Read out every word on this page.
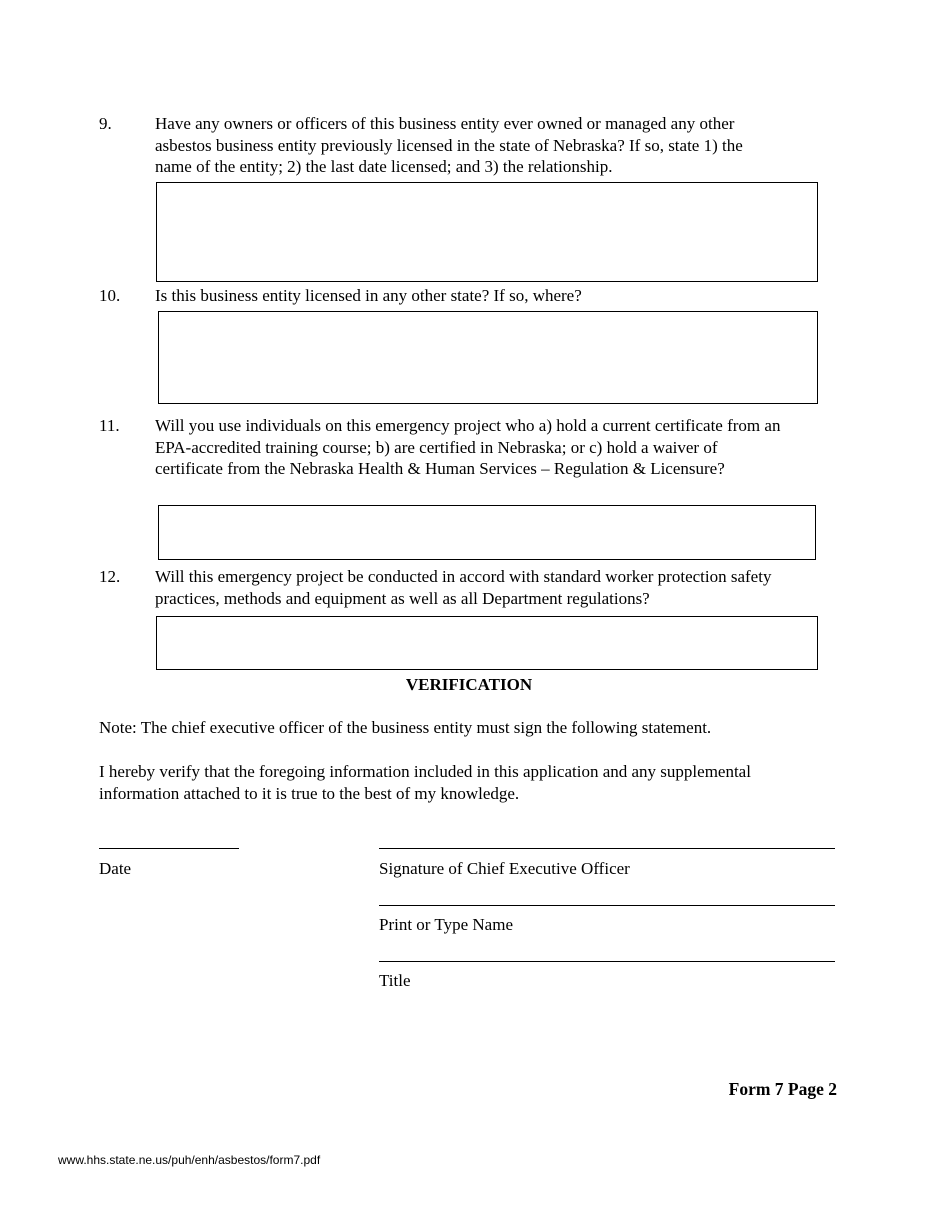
9.	Have any owners or officers of this business entity ever owned or managed any other asbestos business entity previously licensed in the state of Nebraska? If so, state 1) the name of the entity; 2) the last date licensed; and 3) the relationship.
10. Is this business entity licensed in any other state? If so, where?
11. Will you use individuals on this emergency project who a) hold a current certificate from an EPA-accredited training course; b) are certified in Nebraska; or c) hold a waiver of certificate from the Nebraska Health & Human Services – Regulation & Licensure?
12. Will this emergency project be conducted in accord with standard worker protection safety practices, methods and equipment as well as all Department regulations?
VERIFICATION
Note: The chief executive officer of the business entity must sign the following statement.
I hereby verify that the foregoing information included in this application and any supplemental information attached to it is true to the best of my knowledge.
Date	Signature of Chief Executive Officer
Print or Type Name
Title
Form 7 Page 2
www.hhs.state.ne.us/puh/enh/asbestos/form7.pdf
